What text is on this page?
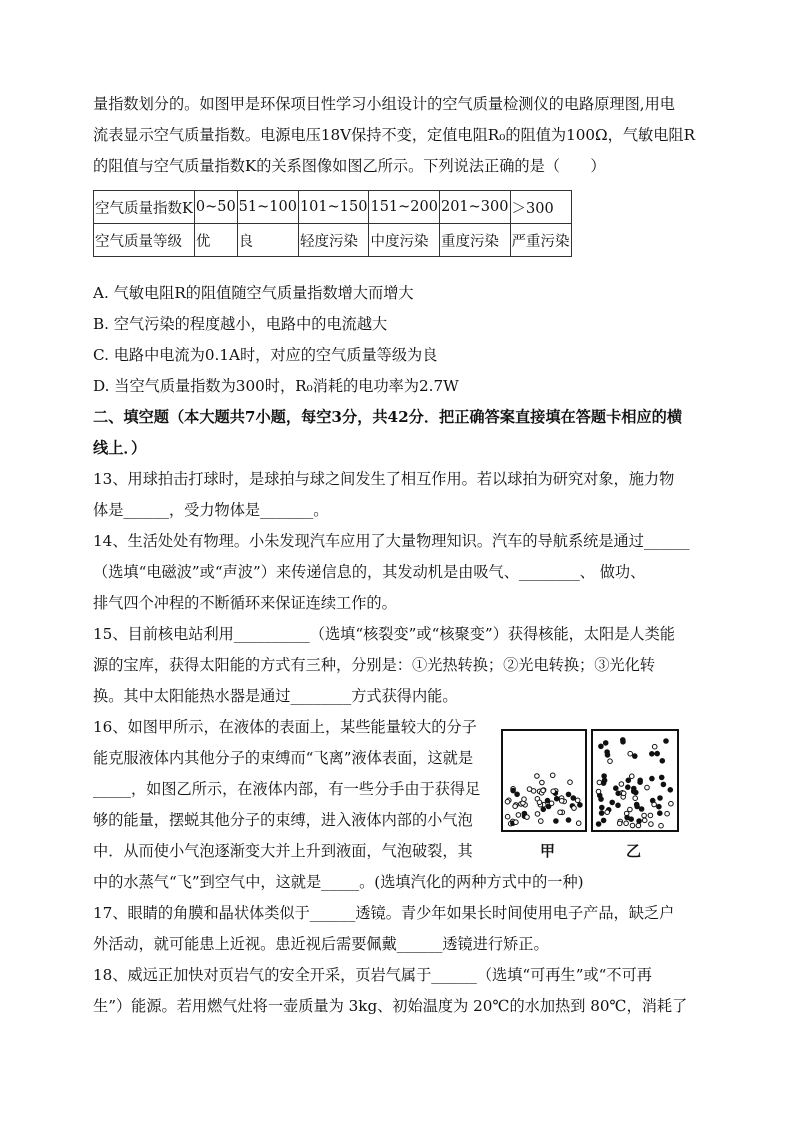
量指数划分的。如图甲是环保项目性学习小组设计的空气质量检测仪的电路原理图,用电
流表显示空气质量指数。电源电压18V保持不变，定值电阻R₀的阻值为100Ω，气敏电阻R
的阻值与空气质量指数K的关系图像如图乙所示。下列说法正确的是（　　）
空气质量指数K	0~50	51~100	101~150	151~200	201~300	＞300
空气质量等级	优	良	轻度污染	中度污染	重度污染	严重污染
A. 气敏电阻R的阻值随空气质量指数增大而增大
B. 空气污染的程度越小，电路中的电流越大
C. 电路中电流为0.1A时，对应的空气质量等级为良
D. 当空气质量指数为300时，R₀消耗的电功率为2.7W
二、填空题（本大题共7小题，每空3分，共42分．把正确答案直接填在答题卡相应的横
线上．）
13、用球拍击打球时，是球拍与球之间发生了相互作用。若以球拍为研究对象，施力物
体是______，受力物体是_______。
14、生活处处有物理。小朱发现汽车应用了大量物理知识。汽车的导航系统是通过______
（选填“电磁波”或“声波”）来传递信息的，其发动机是由吸气、________、 做功、
排气四个冲程的不断循环来保证连续工作的。
15、目前核电站利用__________（选填“核裂变”或“核聚变”）获得核能，太阳是人类能
源的宝库，获得太阳能的方式有三种，分别是：①光热转换；②光电转换；③光化转
换。其中太阳能热水器是通过________方式获得内能。
16、如图甲所示，在液体的表面上，某些能量较大的分子
能克服液体内其他分子的束缚而“飞离”液体表面，这就是
_____，如图乙所示，在液体内部，有一些分手由于获得足
够的能量，摆蜕其他分子的束缚，进入液体内部的小气泡
中．从而使小气泡逐渐变大并上升到液面，气泡破裂，其
中的水蒸气“飞”到空气中，这就是_____。(选填汽化的两种方式中的一种)
甲	乙
17、眼睛的角膜和晶状体类似于______透镜。青少年如果长时间使用电子产品，缺乏户
外活动，就可能患上近视。患近视后需要佩戴______透镜进行矫正。
18、威远正加快对页岩气的安全开采，页岩气属于______（选填“可再生”或“不可再
生”）能源。若用燃气灶将一壶质量为 3kg、初始温度为 20℃的水加热到 80℃，消耗了
